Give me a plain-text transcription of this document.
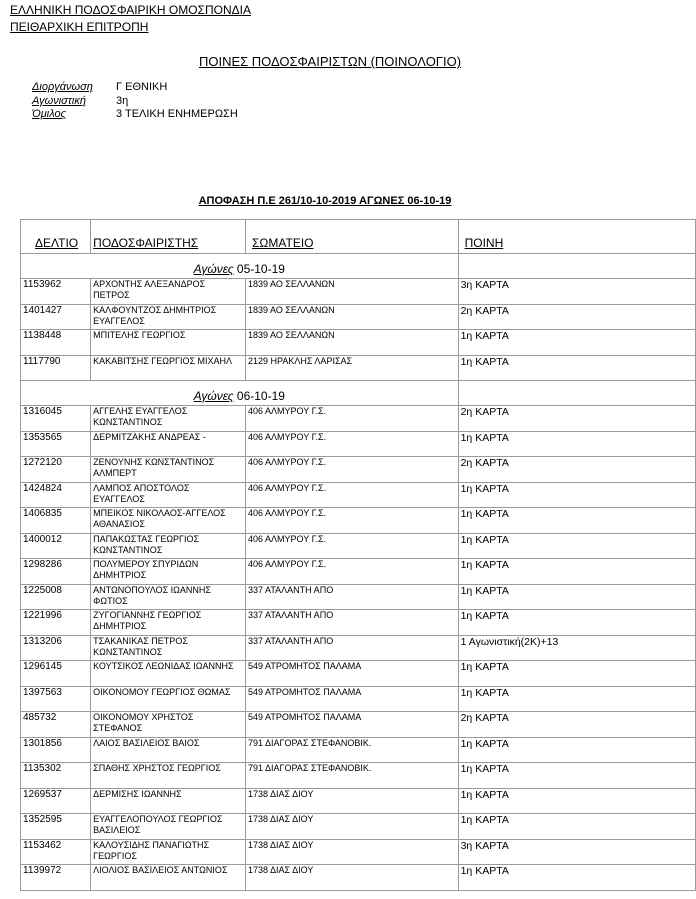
ΕΛΛΗΝΙΚΗ ΠΟΔΟΣΦΑΙΡΙΚΗ ΟΜΟΣΠΟΝΔΙΑ
ΠΕΙΘΑΡΧΙΚΗ ΕΠΙΤΡΟΠΗ
ΠΟΙΝΕΣ ΠΟΔΟΣΦΑΙΡΙΣΤΩΝ (ΠΟΙΝΟΛΟΓΙΟ)
Διοργάνωση Γ ΕΘΝΙΚΗ
Αγωνιστική	3η
Όμιλος	3 ΤΕΛΙΚΗ ΕΝΗΜΕΡΩΣΗ
ΑΠΟΦΑΣΗ Π.Ε 261/10-10-2019 ΑΓΩΝΕΣ 06-10-19
ΔΕΛΤΙΟ	ΠΟΔΟΣΦΑΙΡΙΣΤΗΣ	ΣΩΜΑΤΕΙΟ	ΠΟΙΝΗ
Αγώνες 05-10-19			
1153962	ΑΡΧΟΝΤΗΣ ΑΛΕΞΑΝΔΡΟΣ ΠΕΤΡΟΣ	1839 ΑΟ ΣΕΛΛΑΝΩΝ	3η ΚΑΡΤΑ
1401427	ΚΑΛΦΟΥΝΤΖΟΣ ΔΗΜΗΤΡΙΟΣ ΕΥΑΓΓΕΛΟΣ	1839 ΑΟ ΣΕΛΛΑΝΩΝ	2η ΚΑΡΤΑ
1138448	ΜΠΙΤΕΛΗΣ ΓΕΩΡΓΙΟΣ	1839 ΑΟ ΣΕΛΛΑΝΩΝ	1η ΚΑΡΤΑ
1117790	ΚΑΚΑΒΙΤΣΗΣ ΓΕΩΡΓΙΟΣ ΜΙΧΑΗΛ	2129 ΗΡΑΚΛΗΣ ΛΑΡΙΣΑΣ	1η ΚΑΡΤΑ
Αγώνες 06-10-19			
1316045	ΑΓΓΕΛΗΣ ΕΥΑΓΓΕΛΟΣ ΚΩΝΣΤΑΝΤΙΝΟΣ	406 ΑΛΜΥΡΟΥ Γ.Σ.	2η ΚΑΡΤΑ
1353565	ΔΕΡΜΙΤΖΑΚΗΣ ΑΝΔΡΕΑΣ -	406 ΑΛΜΥΡΟΥ Γ.Σ.	1η ΚΑΡΤΑ
1272120	ΖΕΝΟΥΝΗΣ ΚΩΝΣΤΑΝΤΙΝΟΣ ΑΛΜΠΕΡΤ	406 ΑΛΜΥΡΟΥ Γ.Σ.	2η ΚΑΡΤΑ
1424824	ΛΑΜΠΟΣ ΑΠΟΣΤΟΛΟΣ ΕΥΑΓΓΕΛΟΣ	406 ΑΛΜΥΡΟΥ Γ.Σ.	1η ΚΑΡΤΑ
1406835	ΜΠΕΙΚΟΣ ΝΙΚΟΛΑΟΣ-ΑΓΓΕΛΟΣ ΑΘΑΝΑΣΙΟΣ	406 ΑΛΜΥΡΟΥ Γ.Σ.	1η ΚΑΡΤΑ
1400012	ΠΑΠΑΚΩΣΤΑΣ ΓΕΩΡΓΙΟΣ ΚΩΝΣΤΑΝΤΙΝΟΣ	406 ΑΛΜΥΡΟΥ Γ.Σ.	1η ΚΑΡΤΑ
1298286	ΠΟΛΥΜΕΡΟΥ ΣΠΥΡΙΔΩΝ ΔΗΜΗΤΡΙΟΣ	406 ΑΛΜΥΡΟΥ Γ.Σ.	1η ΚΑΡΤΑ
1225008	ΑΝΤΩΝΟΠΟΥΛΟΣ ΙΩΑΝΝΗΣ ΦΩΤΙΟΣ	337 ΑΤΑΛΑΝΤΗ ΑΠΟ	1η ΚΑΡΤΑ
1221996	ΖΥΓΟΓΙΑΝΝΗΣ ΓΕΩΡΓΙΟΣ ΔΗΜΗΤΡΙΟΣ	337 ΑΤΑΛΑΝΤΗ ΑΠΟ	1η ΚΑΡΤΑ
1313206	ΤΣΑΚΑΝΙΚΑΣ ΠΕΤΡΟΣ ΚΩΝΣΤΑΝΤΙΝΟΣ	337 ΑΤΑΛΑΝΤΗ ΑΠΟ	1 Αγωνιστική(2Κ)+13
1296145	ΚΟΥΤΣΙΚΟΣ ΛΕΩΝΙΔΑΣ ΙΩΑΝΝΗΣ	549 ΑΤΡΟΜΗΤΟΣ ΠΑΛΑΜΑ	1η ΚΑΡΤΑ
1397563	ΟΙΚΟΝΟΜΟΥ ΓΕΩΡΓΙΟΣ ΘΩΜΑΣ	549 ΑΤΡΟΜΗΤΟΣ ΠΑΛΑΜΑ	1η ΚΑΡΤΑ
485732	ΟΙΚΟΝΟΜΟΥ ΧΡΗΣΤΟΣ ΣΤΕΦΑΝΟΣ	549 ΑΤΡΟΜΗΤΟΣ ΠΑΛΑΜΑ	2η ΚΑΡΤΑ
1301856	ΛΑΙΟΣ ΒΑΣΙΛΕΙΟΣ ΒΑΙΟΣ	791 ΔΙΑΓΟΡΑΣ ΣΤΕΦΑΝΟΒΙΚ.	1η ΚΑΡΤΑ
1135302	ΣΠΑΘΗΣ ΧΡΗΣΤΟΣ ΓΕΩΡΓΙΟΣ	791 ΔΙΑΓΟΡΑΣ ΣΤΕΦΑΝΟΒΙΚ.	1η ΚΑΡΤΑ
1269537	ΔΕΡΜΙΣΗΣ ΙΩΑΝΝΗΣ	1738 ΔΙΑΣ ΔΙΟΥ	1η ΚΑΡΤΑ
1352595	ΕΥΑΓΓΕΛΟΠΟΥΛΟΣ ΓΕΩΡΓΙΟΣ ΒΑΣΙΛΕΙΟΣ	1738 ΔΙΑΣ ΔΙΟΥ	1η ΚΑΡΤΑ
1153462	ΚΑΛΟΥΣΙΔΗΣ ΠΑΝΑΓΙΩΤΗΣ ΓΕΩΡΓΙΟΣ	1738 ΔΙΑΣ ΔΙΟΥ	3η ΚΑΡΤΑ
1139972	ΛΙΟΛΙΟΣ ΒΑΣΙΛΕΙΟΣ ΑΝΤΩΝΙΟΣ	1738 ΔΙΑΣ ΔΙΟΥ	1η ΚΑΡΤΑ
